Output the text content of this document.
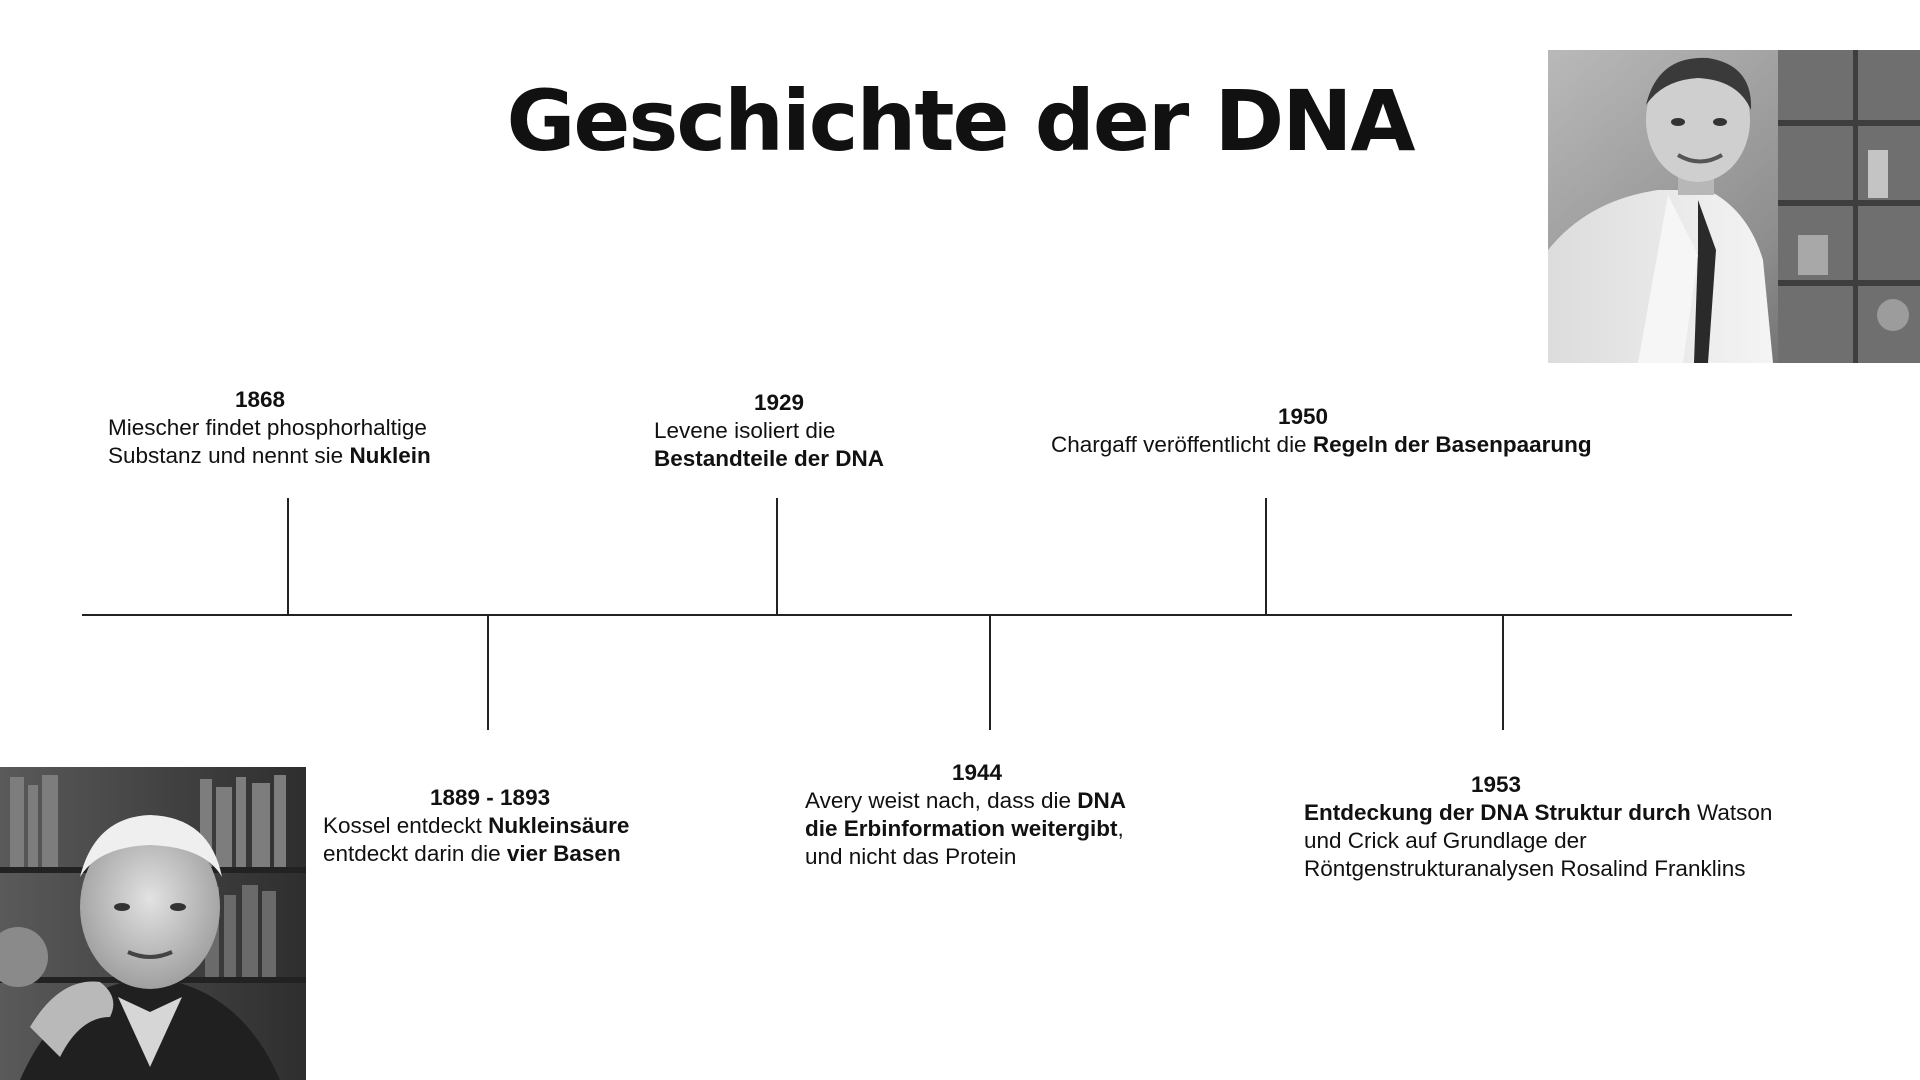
Geschichte der DNA
1868
Miescher findet phosphorhaltige
Substanz und nennt sie Nuklein
1889 - 1893
Kossel entdeckt Nukleinsäure
entdeckt darin die vier Basen
1929
Levene isoliert die
Bestandteile der DNA
1944
Avery weist nach, dass die DNA
die Erbinformation weitergibt,
und nicht das Protein
1950
Chargaff veröffentlicht die Regeln der Basenpaarung
1953
Entdeckung der DNA Struktur durch Watson
und Crick auf Grundlage der
Röntgenstrukturanalysen Rosalind Franklins
